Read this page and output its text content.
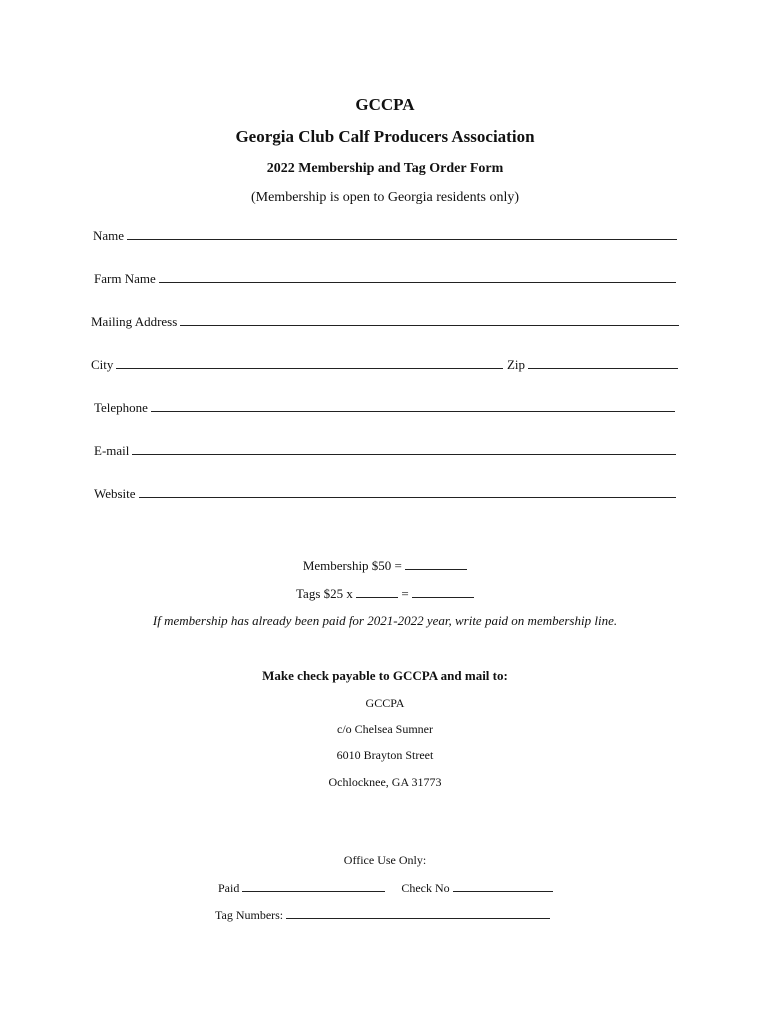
GCCPA
Georgia Club Calf Producers Association
2022 Membership and Tag Order Form
(Membership is open to Georgia residents only)
Name
Farm Name
Mailing Address
City	Zip
Telephone
E-mail
Website
Membership $50 =
Tags $25 x	=
If membership has already been paid for 2021-2022 year, write paid on membership line.
Make check payable to GCCPA and mail to:
GCCPA
c/o Chelsea Sumner
6010 Brayton Street
Ochlocknee, GA 31773
Office Use Only:
Paid	Check No
Tag Numbers:
